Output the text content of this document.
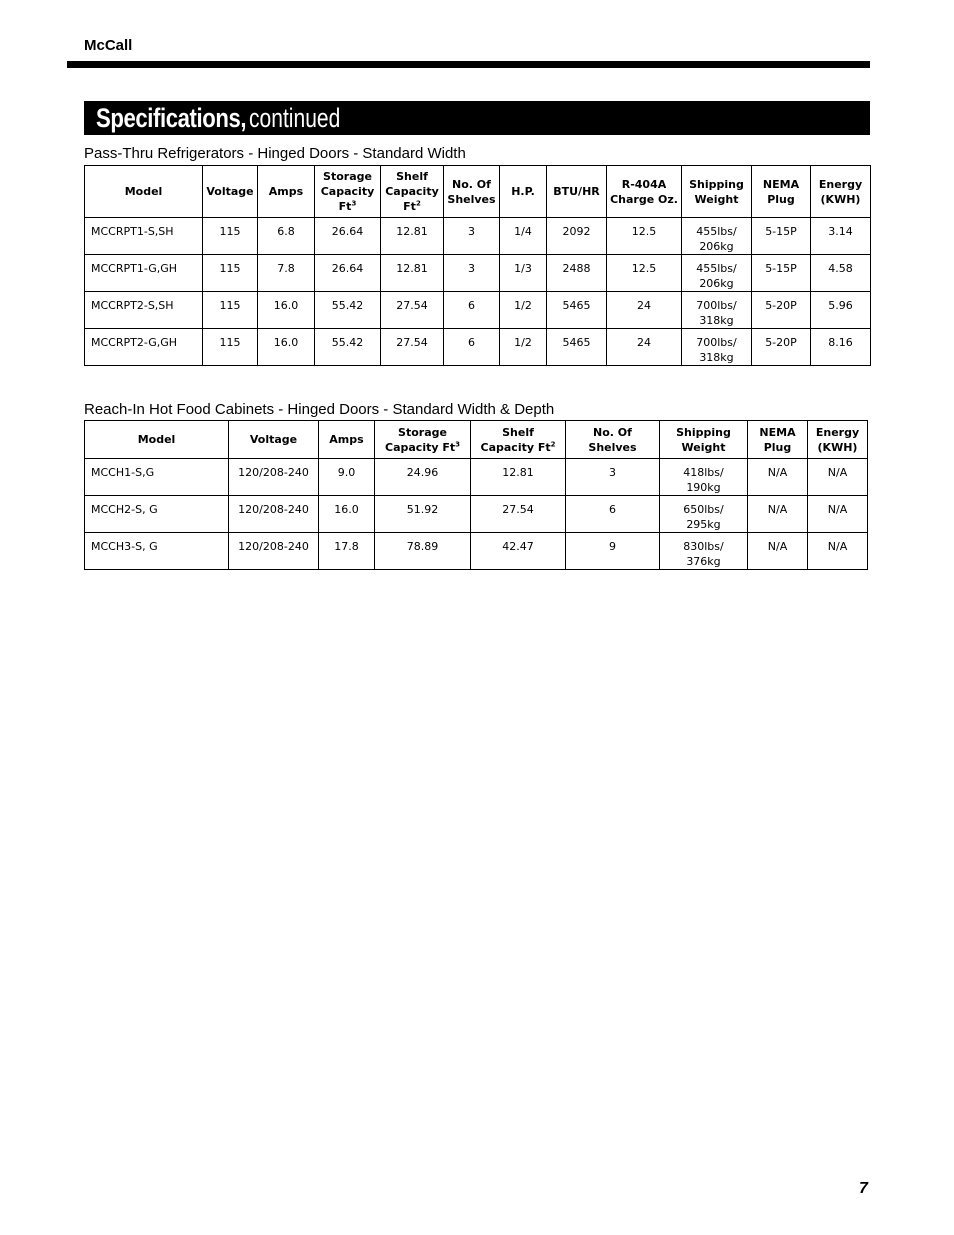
McCall
Specifications, continued
Pass-Thru Refrigerators - Hinged Doors - Standard Width
Model	Voltage	Amps	Storage
Capacity
Ft$^3$	Shelf
Capacity
Ft$^2$	No. Of
Shelves	H.P.	BTU/HR	R-404A
Charge Oz.	Shipping
Weight	NEMA
Plug	Energy
(KWH)
MCCRPT1-S,SH	115	6.8	26.64	12.81	3	1/4	2092	12.5	455lbs/
206kg	5-15P	3.14
MCCRPT1-G,GH	115	7.8	26.64	12.81	3	1/3	2488	12.5	455lbs/
206kg	5-15P	4.58
MCCRPT2-S,SH	115	16.0	55.42	27.54	6	1/2	5465	24	700lbs/
318kg	5-20P	5.96
MCCRPT2-G,GH	115	16.0	55.42	27.54	6	1/2	5465	24	700lbs/
318kg	5-20P	8.16
Reach-In Hot Food Cabinets - Hinged Doors - Standard Width & Depth
Model	Voltage	Amps	Storage
Capacity Ft$^3$	Shelf
Capacity Ft$^2$	No. Of Shelves	Shipping
Weight	NEMA
Plug	Energy
(KWH)
MCCH1-S,G	120/208-240	9.0	24.96	12.81	3	418lbs/
190kg	N/A	N/A
MCCH2-S, G	120/208-240	16.0	51.92	27.54	6	650lbs/
295kg	N/A	N/A
MCCH3-S, G	120/208-240	17.8	78.89	42.47	9	830lbs/
376kg	N/A	N/A
7
